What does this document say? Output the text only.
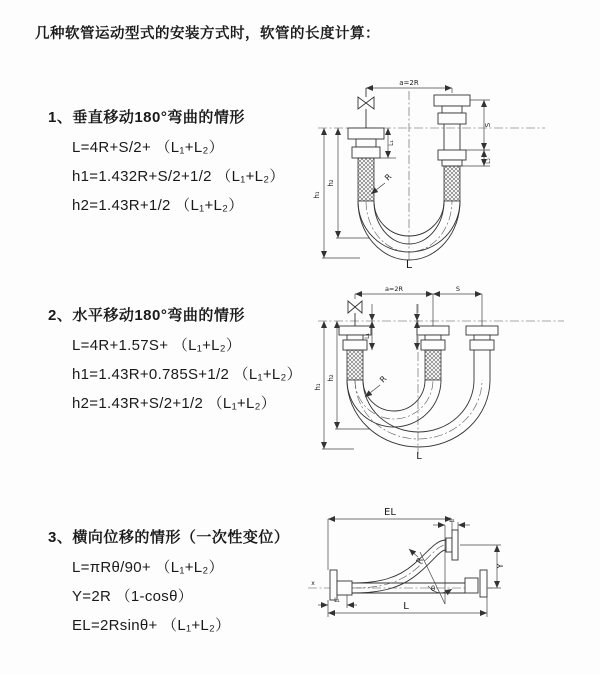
几种软管运动型式的安装方式时，软管的长度计算：
1、垂直移动180°弯曲的情形
L=4R+S/2+ （L₁+L₂）
h1=1.432R+S/2+1/2 （L₁+L₂）
h2=1.43R+1/2 （L₁+L₂）
2、水平移动180°弯曲的情形
L=4R+1.57S+ （L₁+L₂）
h1=1.43R+0.785S+1/2 （L₁+L₂）
h2=1.43R+S/2+1/2 （L₁+L₂）
3、横向位移的情形（一次性变位）
L=πRθ/90+ （L₁+L₂）
Y=2R （1-cosθ）
EL=2Rsinθ+ （L₁+L₂）
a=2R
h₁
h₂
L₁
S
L₂
R
L
a=2R	S
h₁
h₂
L₁
R
L
x
EL
L₁
Y
R
θ
L
L₁
